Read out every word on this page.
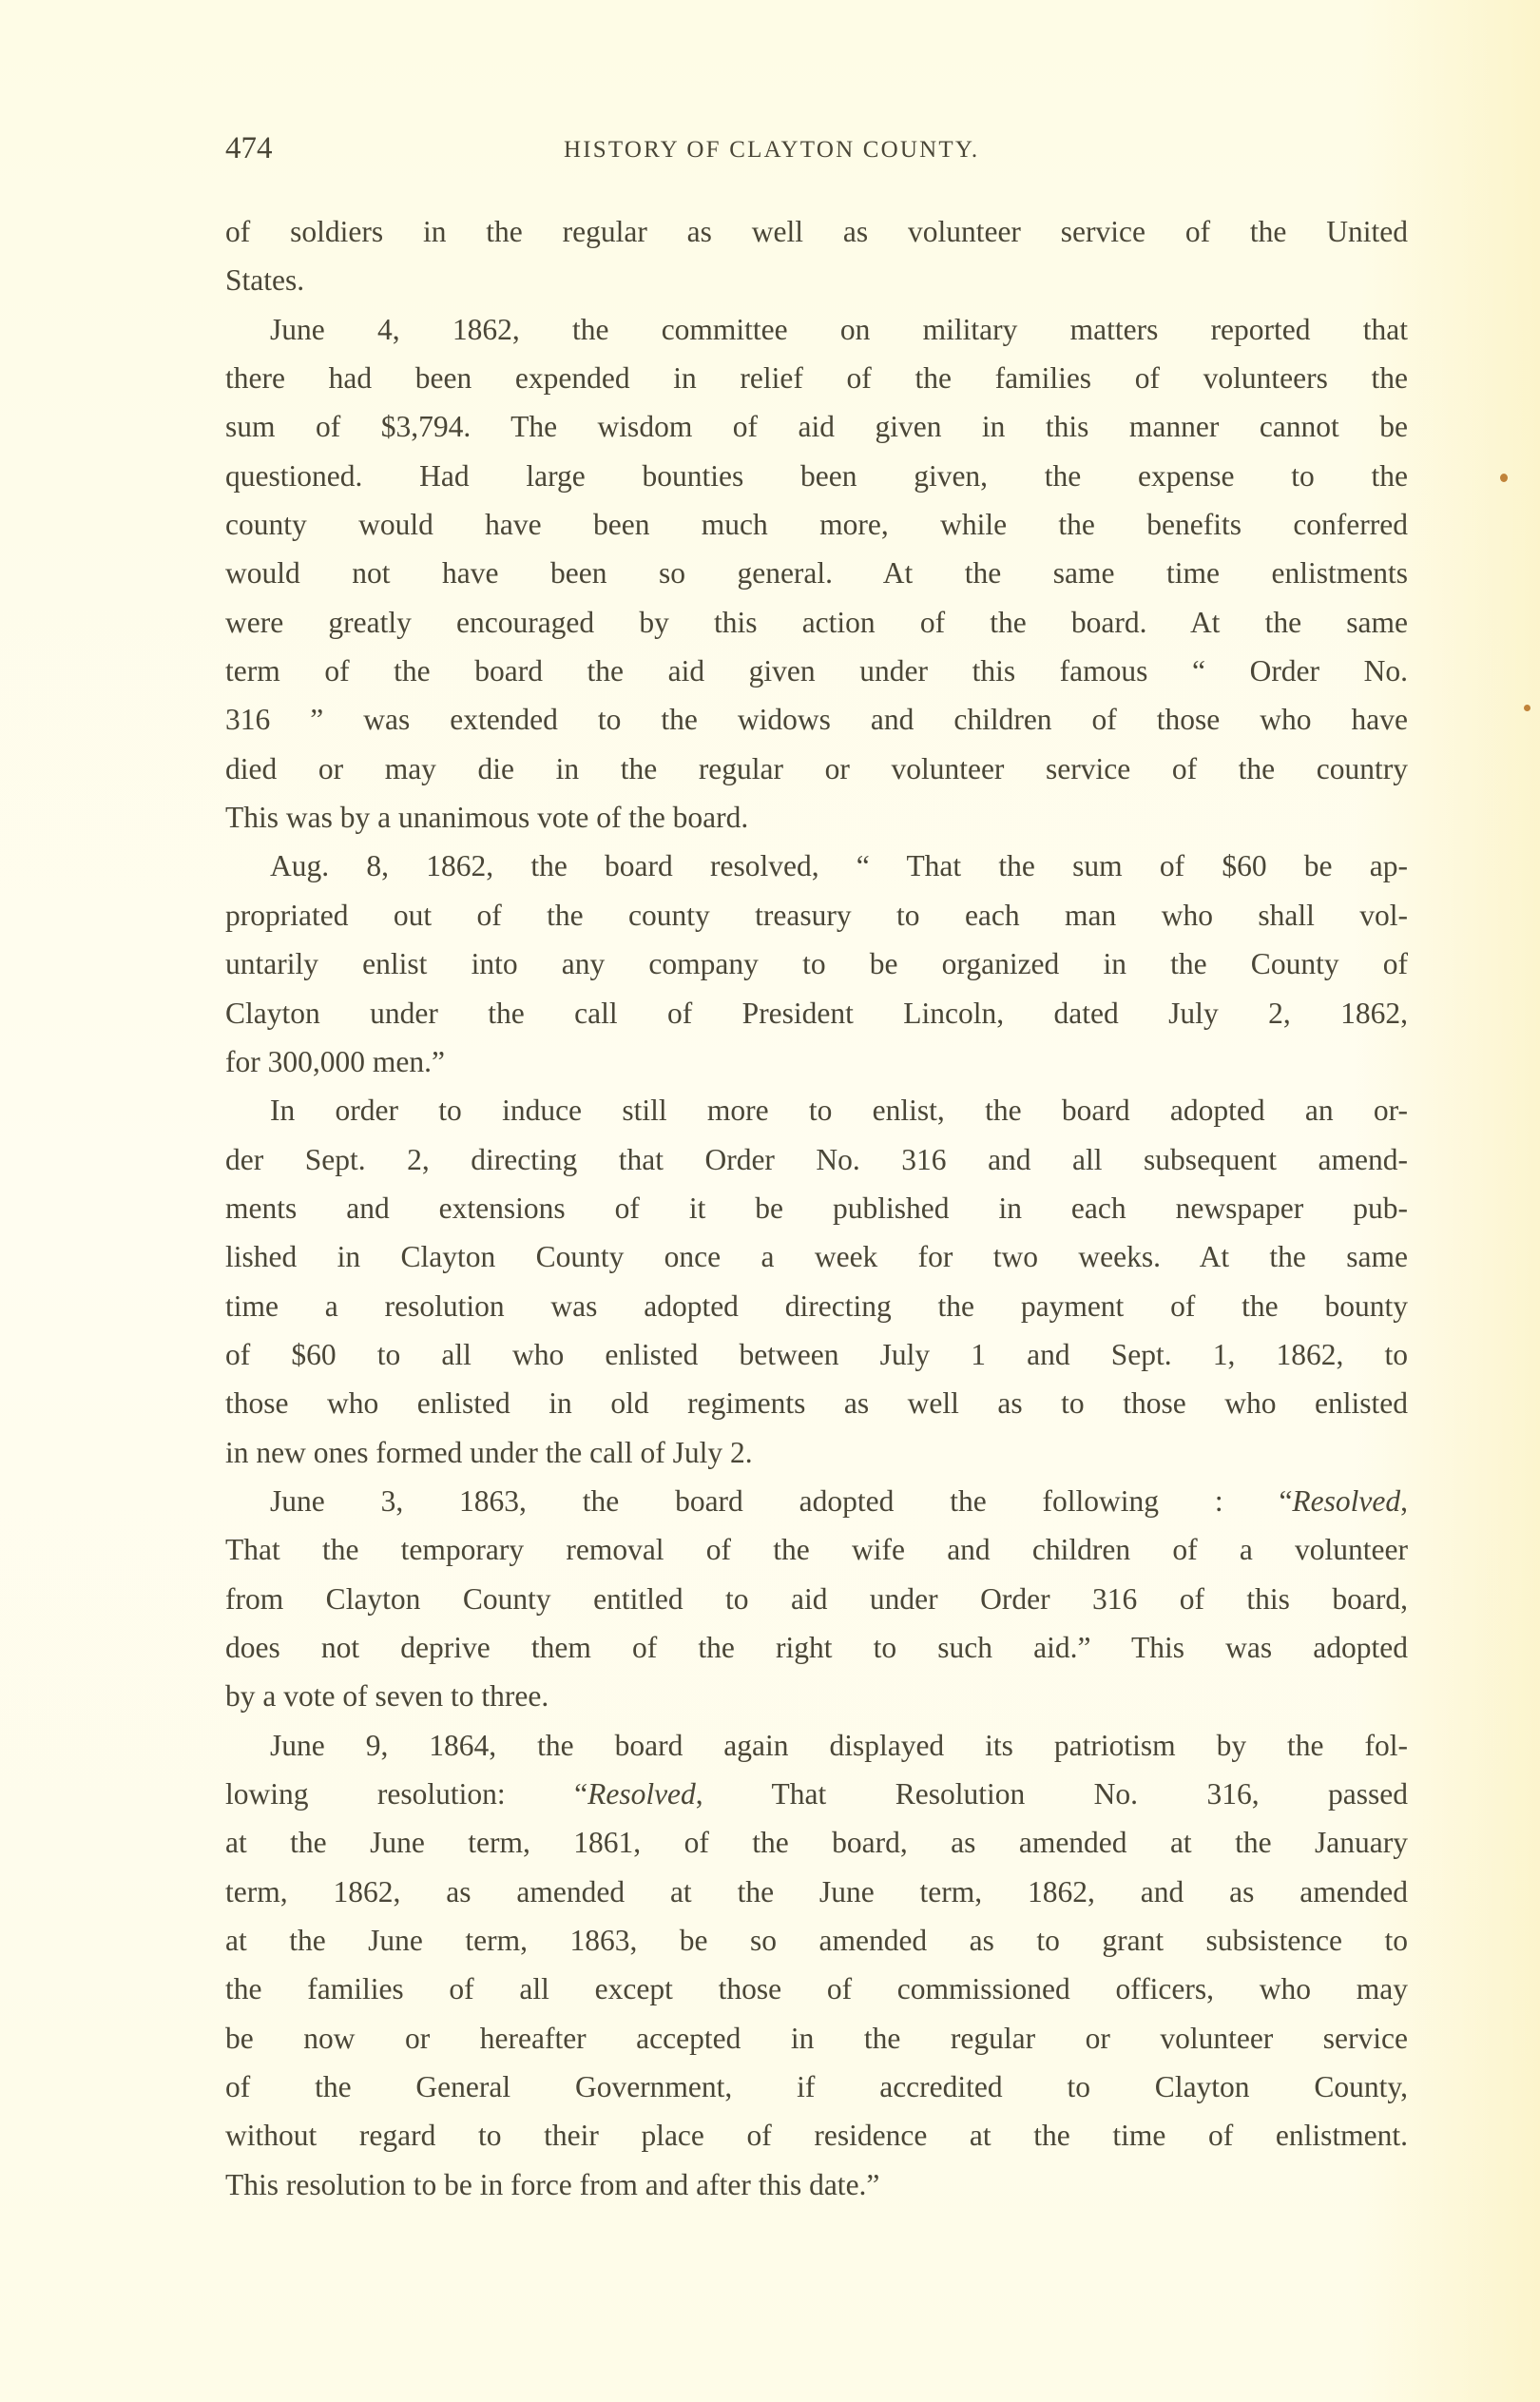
474	HISTORY OF CLAYTON COUNTY.
of soldiers in the regular as well as volunteer service of the United
States.
June 4, 1862, the committee on military matters reported that
there had been expended in relief of the families of volunteers the
sum of $3,794. The wisdom of aid given in this manner cannot be
questioned. Had large bounties been given, the expense to the
county would have been much more, while the benefits conferred
would not have been so general. At the same time enlistments
were greatly encouraged by this action of the board. At the same
term of the board the aid given under this famous “ Order No.
316 ” was extended to the widows and children of those who have
died or may die in the regular or volunteer service of the country
This was by a unanimous vote of the board.
Aug. 8, 1862, the board resolved, “ That the sum of $60 be ap-
propriated out of the county treasury to each man who shall vol-
untarily enlist into any company to be organized in the County of
Clayton under the call of President Lincoln, dated July 2, 1862,
for 300,000 men.”
In order to induce still more to enlist, the board adopted an or-
der Sept. 2, directing that Order No. 316 and all subsequent amend-
ments and extensions of it be published in each newspaper pub-
lished in Clayton County once a week for two weeks. At the same
time a resolution was adopted directing the payment of the bounty
of $60 to all who enlisted between July 1 and Sept. 1, 1862, to
those who enlisted in old regiments as well as to those who enlisted
in new ones formed under the call of July 2.
June 3, 1863, the board adopted the following : “Resolved,
That the temporary removal of the wife and children of a volunteer
from Clayton County entitled to aid under Order 316 of this board,
does not deprive them of the right to such aid.” This was adopted
by a vote of seven to three.
June 9, 1864, the board again displayed its patriotism by the fol-
lowing resolution: “Resolved, That Resolution No. 316, passed
at the June term, 1861, of the board, as amended at the January
term, 1862, as amended at the June term, 1862, and as amended
at the June term, 1863, be so amended as to grant subsistence to
the families of all except those of commissioned officers, who may
be now or hereafter accepted in the regular or volunteer service
of the General Government, if accredited to Clayton County,
without regard to their place of residence at the time of enlistment.
This resolution to be in force from and after this date.”
